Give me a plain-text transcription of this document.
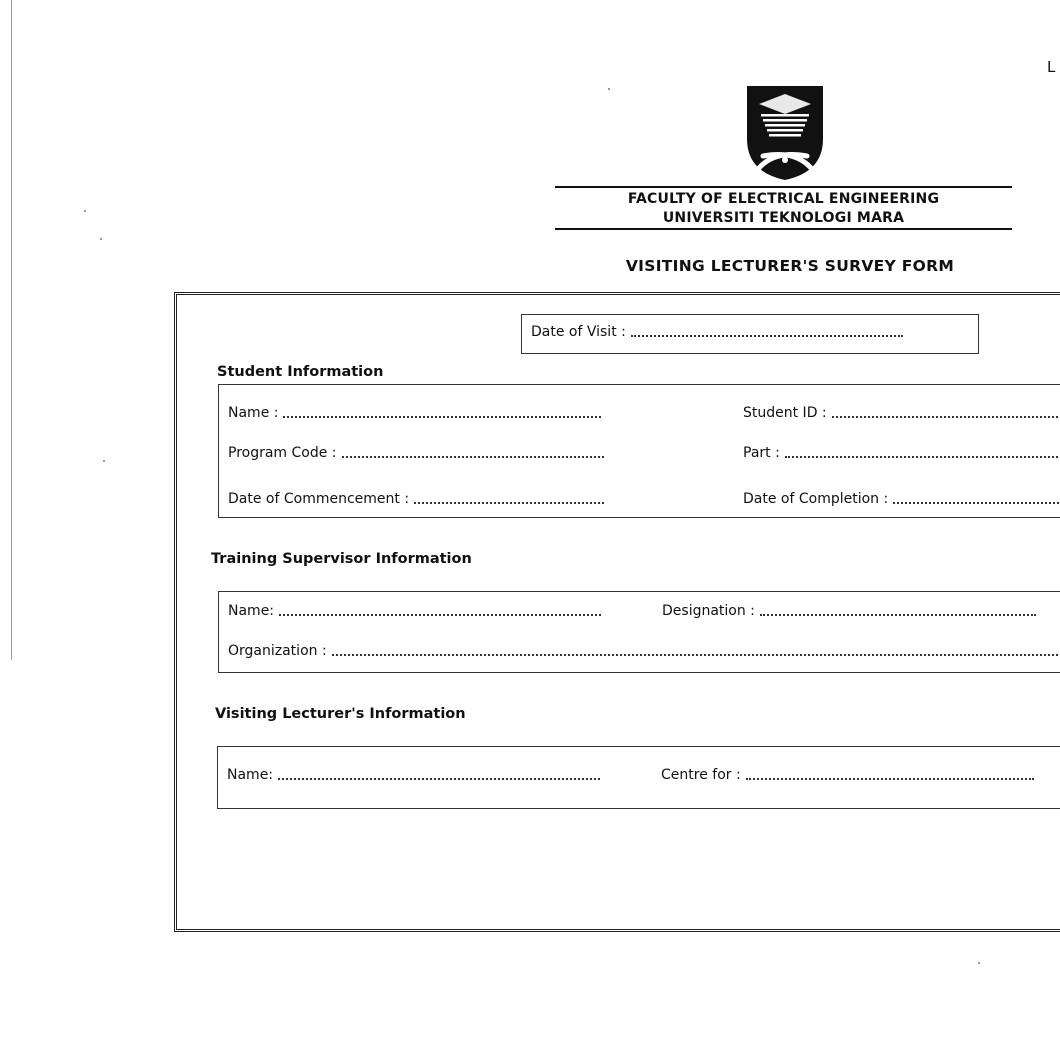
L
FACULTY OF ELECTRICAL ENGINEERING
UNIVERSITI TEKNOLOGI MARA
VISITING LECTURER'S SURVEY FORM
Date of Visit :
Student Information
Name :	Student ID :
Program Code :	Part :
Date of Commencement :	Date of Completion :
Training Supervisor Information
Name:	Designation :
Organization :
Visiting Lecturer's Information
Name:	Centre for :
